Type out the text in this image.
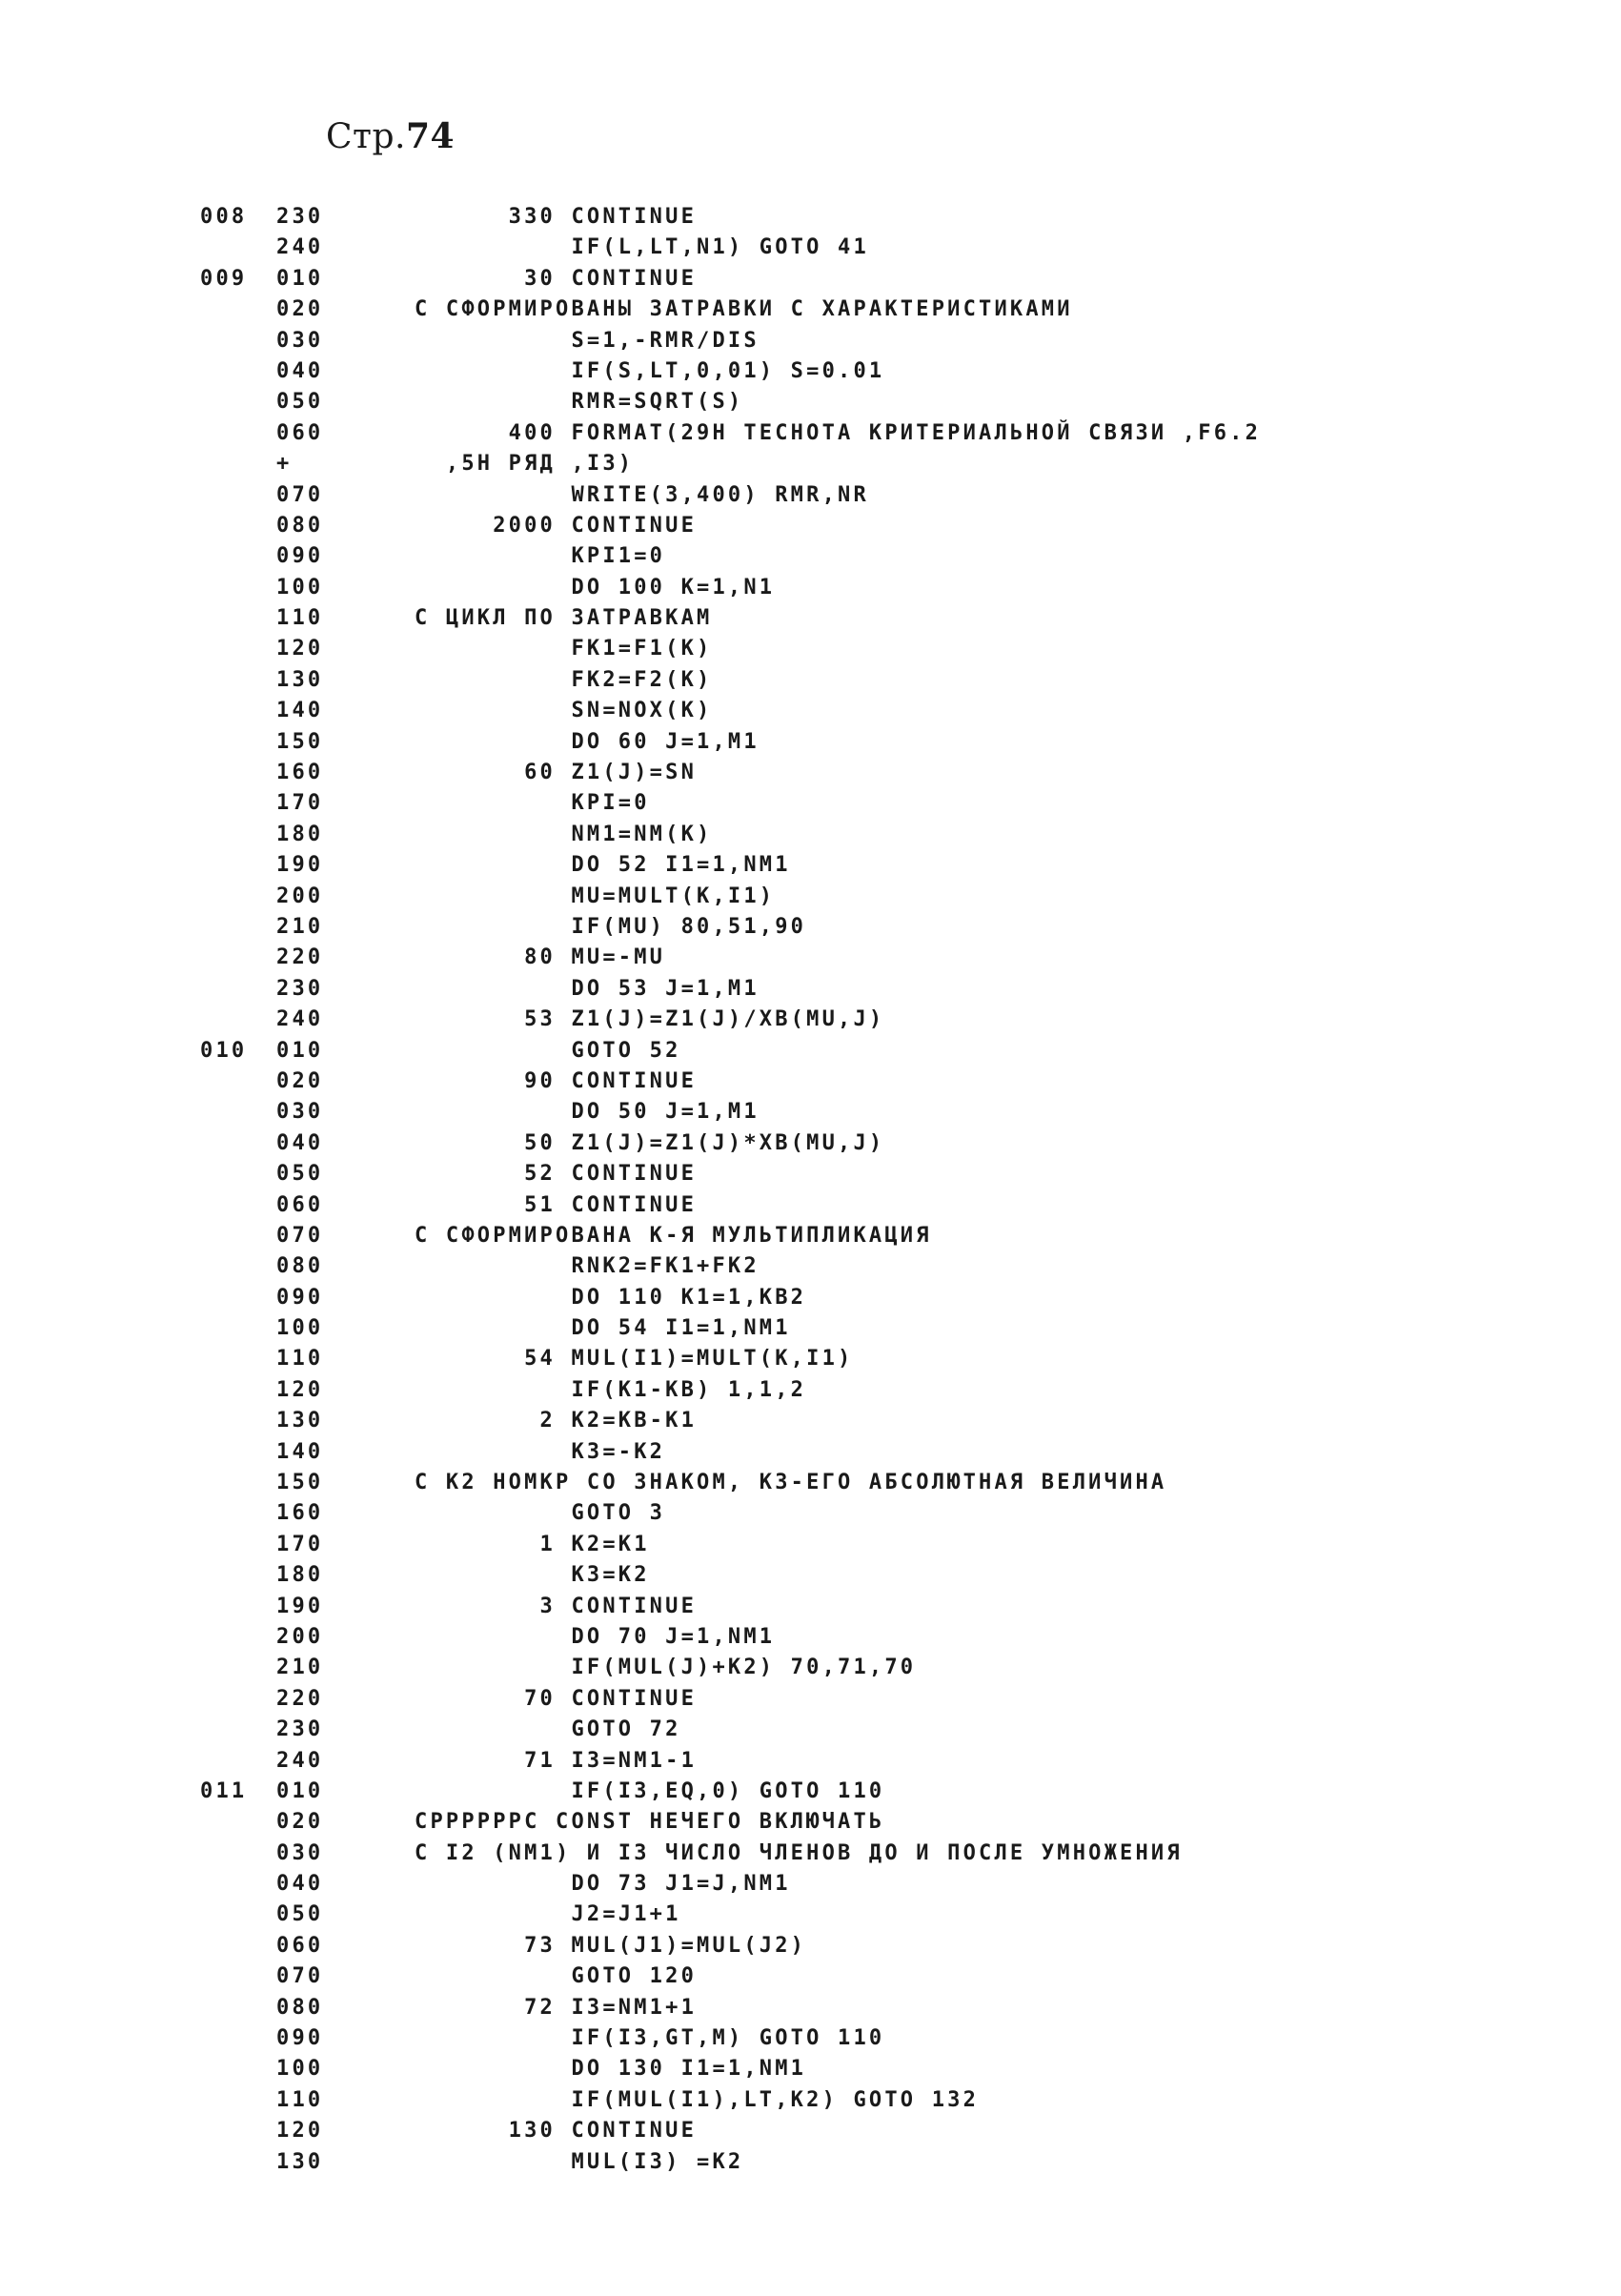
Стр.74
008	230	330 CONTINUE
240	IF(L,LT,N1) GOTO 41
009	010	30 CONTINUE
020	C СФОРМИРОВАНЫ ЗАТРАВКИ С ХАРАКТЕРИСТИКАМИ
030	S=1,-RMR/DIS
040	IF(S,LT,0,01) S=0.01
050	RMR=SQRT(S)
060	400 FORMAT(29H ТЕСНОТА КРИТЕРИАЛЬНОЙ СВЯЗИ ,F6.2
+	,5H РЯД ,I3)
070	WRITE(3,400) RMR,NR
080	2000 CONTINUE
090	KPI1=0
100	DO 100 K=1,N1
110	C ЦИКЛ ПО ЗАТРАВКАМ
120	FK1=F1(K)
130	FK2=F2(K)
140	SN=NOX(K)
150	DO 60 J=1,M1
160	60 Z1(J)=SN
170	KPI=0
180	NM1=NM(K)
190	DO 52 I1=1,NM1
200	MU=MULT(K,I1)
210	IF(MU) 80,51,90
220	80 MU=-MU
230	DO 53 J=1,M1
240	53 Z1(J)=Z1(J)/XB(MU,J)
010	010	GOTO 52
020	90 CONTINUE
030	DO 50 J=1,M1
040	50 Z1(J)=Z1(J)*XB(MU,J)
050	52 CONTINUE
060	51 CONTINUE
070	C СФОРМИРОВАНА К-Я МУЛЬТИПЛИКАЦИЯ
080	RNK2=FK1+FK2
090	DO 110 K1=1,KB2
100	DO 54 I1=1,NM1
110	54 MUL(I1)=MULT(K,I1)
120	IF(K1-KB) 1,1,2
130	2 K2=KB-K1
140	K3=-K2
150	C K2 НОМКР СО ЗНАКОМ, K3-ЕГО АБСОЛЮТНАЯ ВЕЛИЧИНА
160	GOTO 3
170	1 K2=K1
180	K3=K2
190	3 CONTINUE
200	DO 70 J=1,NM1
210	IF(MUL(J)+K2) 70,71,70
220	70 CONTINUE
230	GOTO 72
240	71 I3=NM1-1
011	010	IF(I3,EQ,0) GOTO 110
020	CPPPPPPC CONST НЕЧЕГО ВКЛЮЧАТЬ
030	C I2 (NM1) И I3 ЧИСЛО ЧЛЕНОВ ДО И ПОСЛЕ УМНОЖЕНИЯ
040	DO 73 J1=J,NM1
050	J2=J1+1
060	73 MUL(J1)=MUL(J2)
070	GOTO 120
080	72 I3=NM1+1
090	IF(I3,GT,M) GOTO 110
100	DO 130 I1=1,NM1
110	IF(MUL(I1),LT,K2) GOTO 132
120	130 CONTINUE
130	MUL(I3) =K2
